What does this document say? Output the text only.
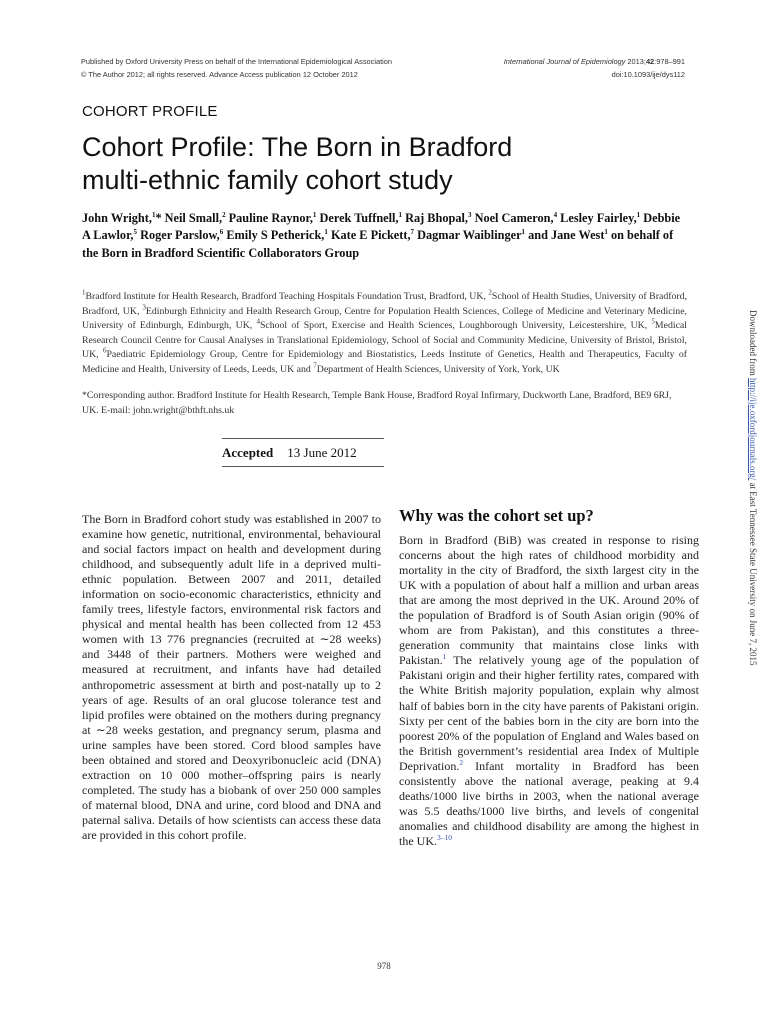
Published by Oxford University Press on behalf of the International Epidemiological Association
© The Author 2012; all rights reserved. Advance Access publication 12 October 2012
International Journal of Epidemiology 2013;42:978–991
doi:10.1093/ije/dys112
COHORT PROFILE
Cohort Profile: The Born in Bradford
multi-ethnic family cohort study
John Wright,$^1$* Neil Small,$^2$ Pauline Raynor,$^1$ Derek Tuffnell,$^1$ Raj Bhopal,$^3$ Noel Cameron,$^4$ Lesley Fairley,$^1$ Debbie A Lawlor,$^5$ Roger Parslow,$^6$ Emily S Petherick,$^1$ Kate E Pickett,$^7$ Dagmar Waiblinger$^1$ and Jane West$^1$ on behalf of the Born in Bradford Scientific Collaborators Group
$^1$Bradford Institute for Health Research, Bradford Teaching Hospitals Foundation Trust, Bradford, UK, $^2$School of Health Studies, University of Bradford, Bradford, UK, $^3$Edinburgh Ethnicity and Health Research Group, Centre for Population Health Sciences, College of Medicine and Veterinary Medicine, University of Edinburgh, Edinburgh, UK, $^4$School of Sport, Exercise and Health Sciences, Loughborough University, Leicestershire, UK, $^5$Medical Research Council Centre for Causal Analyses in Translational Epidemiology, School of Social and Community Medicine, University of Bristol, Bristol, UK, $^6$Paediatric Epidemiology Group, Centre for Epidemiology and Biostatistics, Leeds Institute of Genetics, Health and Therapeutics, Faculty of Medicine and Health, University of Leeds, Leeds, UK and $^7$Department of Health Sciences, University of York, York, UK
*Corresponding author. Bradford Institute for Health Research, Temple Bank House, Bradford Royal Infirmary, Duckworth Lane, Bradford, BE9 6RJ, UK. E-mail: john.wright@bthft.nhs.uk
Accepted 13 June 2012

The Born in Bradford cohort study was established in 2007 to examine how genetic, nutritional, environmental, behavioural and social factors impact on health and development during childhood, and subsequently adult life in a deprived multi-ethnic population. Between 2007 and 2011, detailed information on socio-economic characteristics, ethnicity and family trees, lifestyle factors, environmental risk factors and physical and mental health has been collected from 12 453 women with 13 776 pregnancies (recruited at ∼28 weeks) and 3448 of their partners. Mothers were weighed and measured at recruitment, and infants have had detailed anthropometric assessment at birth and post-natally up to 2 years of age. Results of an oral glucose tolerance test and lipid profiles were obtained on the mothers during pregnancy at ∼28 weeks gestation, and pregnancy serum, plasma and urine samples have been stored. Cord blood samples have been obtained and stored and Deoxyribonucleic acid (DNA) extraction on 10 000 mother–offspring pairs is nearly completed. The study has a biobank of over 250 000 samples of maternal blood, DNA and urine, cord blood and DNA and paternal saliva. Details of how scientists can access these data are provided in this cohort profile.

Why was the cohort set up?

Born in Bradford (BiB) was created in response to rising concerns about the high rates of childhood morbidity and mortality in the city of Bradford, the sixth largest city in the UK with a population of about half a million and urban areas that are among the most deprived in the UK. Around 20% of the population of Bradford is of South Asian origin (90% of whom are from Pakistan), and this constitutes a three-generation community that maintains close links with Pakistan.$^1$ The relatively young age of the population of Pakistani origin and their higher fertility rates, compared with the White British majority population, explain why almost half of babies born in the city have parents of Pakistani origin. Sixty per cent of the babies born in the city are born into the poorest 20% of the population of England and Wales based on the British government’s residential area Index of Multiple Deprivation.$^2$ Infant mortality in Bradford has been consistently above the national average, peaking at 9.4 deaths/1000 live births in 2003, when the national average was 5.5 deaths/1000 live births, and levels of congenital anomalies and childhood disability are among the highest in the UK.$^{3-10}$

978
Downloaded from http://ije.oxfordjournals.org/ at East Tennessee State University on June 7, 2015
